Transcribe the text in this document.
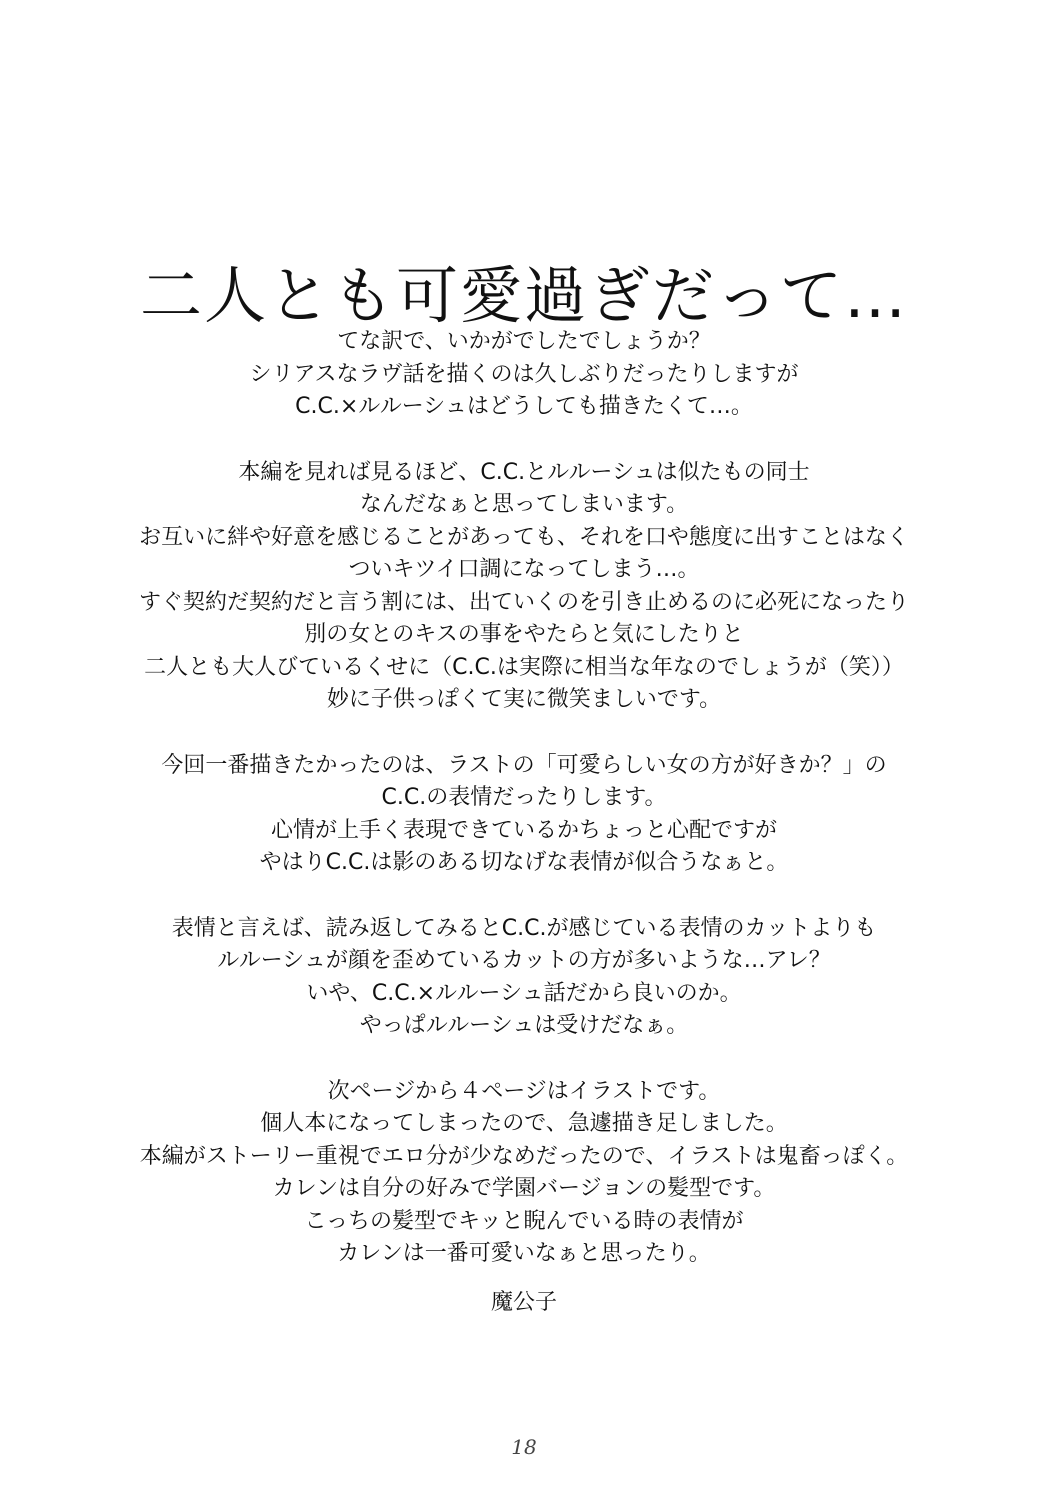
二人とも可愛過ぎだって…
てな訳で、いかがでしたでしょうか？
シリアスなラヴ話を描くのは久しぶりだったりしますが
C.C.×ルルーシュはどうしても描きたくて…。
本編を見れば見るほど、C.C.とルルーシュは似たもの同士
なんだなぁと思ってしまいます。
お互いに絆や好意を感じることがあっても、それを口や態度に出すことはなく
ついキツイ口調になってしまう…。
すぐ契約だ契約だと言う割には、出ていくのを引き止めるのに必死になったり
別の女とのキスの事をやたらと気にしたりと
二人とも大人びているくせに（C.C.は実際に相当な年なのでしょうが（笑））
妙に子供っぽくて実に微笑ましいです。
今回一番描きたかったのは、ラストの「可愛らしい女の方が好きか？」の
C.C.の表情だったりします。
心情が上手く表現できているかちょっと心配ですが
やはりC.C.は影のある切なげな表情が似合うなぁと。
表情と言えば、読み返してみるとC.C.が感じている表情のカットよりも
ルルーシュが顔を歪めているカットの方が多いような…アレ？
いや、C.C.×ルルーシュ話だから良いのか。
やっぱルルーシュは受けだなぁ。
次ページから４ページはイラストです。
個人本になってしまったので、急遽描き足しました。
本編がストーリー重視でエロ分が少なめだったので、イラストは鬼畜っぽく。
カレンは自分の好みで学園バージョンの髪型です。
こっちの髪型でキッと睨んでいる時の表情が
カレンは一番可愛いなぁと思ったり。
魔公子
18
